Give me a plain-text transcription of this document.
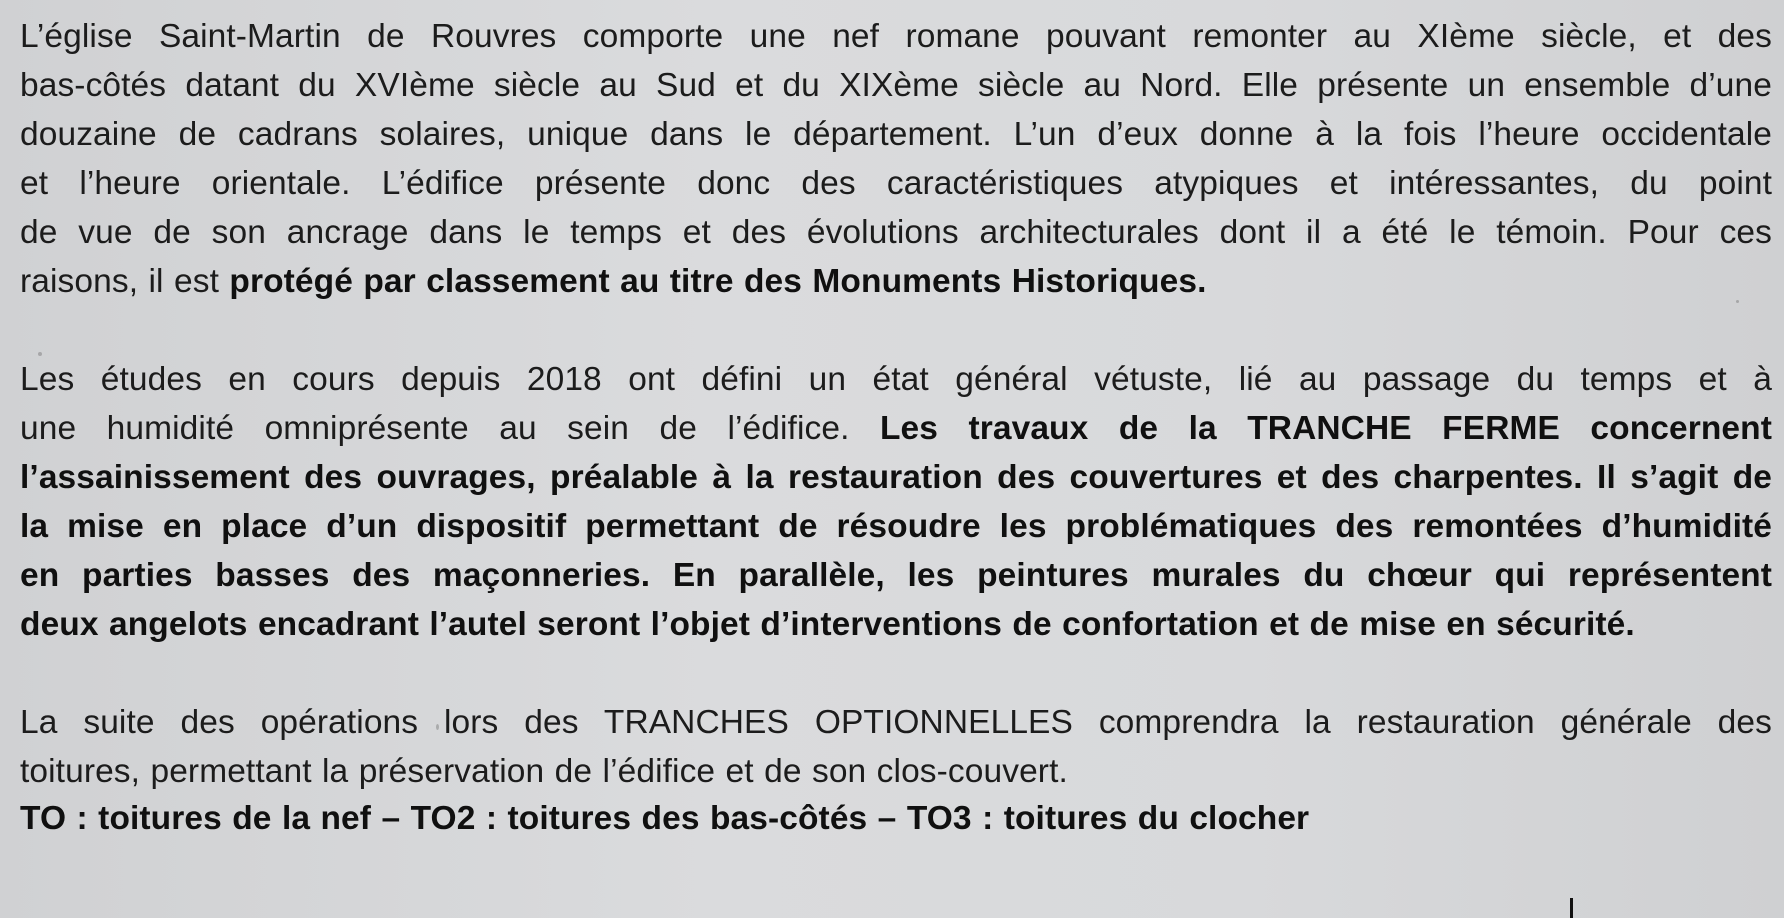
L’église Saint-Martin de Rouvres comporte une nef romane pouvant remonter au XIème siècle, et des
bas-côtés datant du XVIème siècle au Sud et du XIXème siècle au Nord. Elle présente un ensemble d’une
douzaine de cadrans solaires, unique dans le département. L’un d’eux donne à la fois l’heure occidentale
et l’heure orientale. L’édifice présente donc des caractéristiques atypiques et intéressantes, du point
de vue de son ancrage dans le temps et des évolutions architecturales dont il a été le témoin. Pour ces
raisons, il est protégé par classement au titre des Monuments Historiques.

Les études en cours depuis 2018 ont défini un état général vétuste, lié au passage du temps et à
une humidité omniprésente au sein de l’édifice. Les travaux de la TRANCHE FERME concernent
l’assainissement des ouvrages, préalable à la restauration des couvertures et des charpentes. Il s’agit de
la mise en place d’un dispositif permettant de résoudre les problématiques des remontées d’humidité
en parties basses des maçonneries. En parallèle, les peintures murales du chœur qui représentent
deux angelots encadrant l’autel seront l’objet d’interventions de confortation et de mise en sécurité.

La suite des opérations lors des TRANCHES OPTIONNELLES comprendra la restauration générale des
toitures, permettant la préservation de l’édifice et de son clos-couvert.
TO : toitures de la nef – TO2 : toitures des bas-côtés – TO3 : toitures du clocher
